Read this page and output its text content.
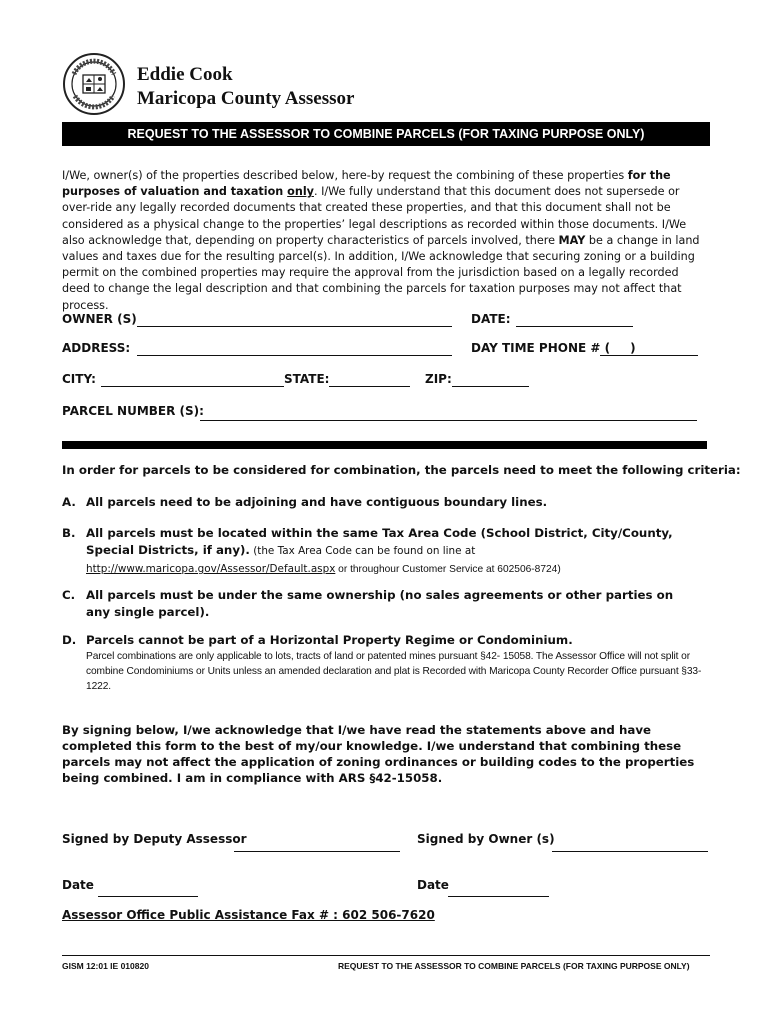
Eddie Cook
Maricopa County Assessor
REQUEST TO THE ASSESSOR TO COMBINE PARCELS (FOR TAXING PURPOSE ONLY)
I/We, owner(s) of the properties described below, here-by request the combining of these properties for the purposes of valuation and taxation only. I/We fully understand that this document does not supersede or over-ride any legally recorded documents that created these properties, and that this document shall not be considered as a physical change to the properties’ legal descriptions as recorded within those documents. I/We also acknowledge that, depending on property characteristics of parcels involved, there MAY be a change in land values and taxes due for the resulting parcel(s). In addition, I/We acknowledge that securing zoning or a building permit on the combined properties may require the approval from the jurisdiction based on a legally recorded deed to change the legal description and that combining the parcels for taxation purposes may not affect that process.
OWNER (S)	DATE:
ADDRESS:	DAY TIME PHONE # ( )
CITY:	STATE:	ZIP:
PARCEL NUMBER (S):
In order for parcels to be considered for combination, the parcels need to meet the following criteria:
A. All parcels need to be adjoining and have contiguous boundary lines.
B. All parcels must be located within the same Tax Area Code (School District, City/County, Special Districts, if any). (the Tax Area Code can be found on line at http://www.maricopa.gov/Assessor/Default.aspx or throughour Customer Service at 602506-8724)
C. All parcels must be under the same ownership (no sales agreements or other parties on any single parcel).
D. Parcels cannot be part of a Horizontal Property Regime or Condominium.
Parcel combinations are only applicable to lots, tracts of land or patented mines pursuant §42- 15058. The Assessor Office will not split or combine Condominiums or Units unless an amended declaration and plat is Recorded with Maricopa County Recorder Office pursuant §33-1222.
By signing below, I/we acknowledge that I/we have read the statements above and have completed this form to the best of my/our knowledge. I/we understand that combining these parcels may not affect the application of zoning ordinances or building codes to the properties being combined. I am in compliance with ARS §42-15058.
Signed by Deputy Assessor	Signed by Owner (s)
Date	Date
Assessor Office Public Assistance Fax # : 602 506-7620
GISM 12:01 IE 010820	REQUEST TO THE ASSESSOR TO COMBINE PARCELS (FOR TAXING PURPOSE ONLY)
